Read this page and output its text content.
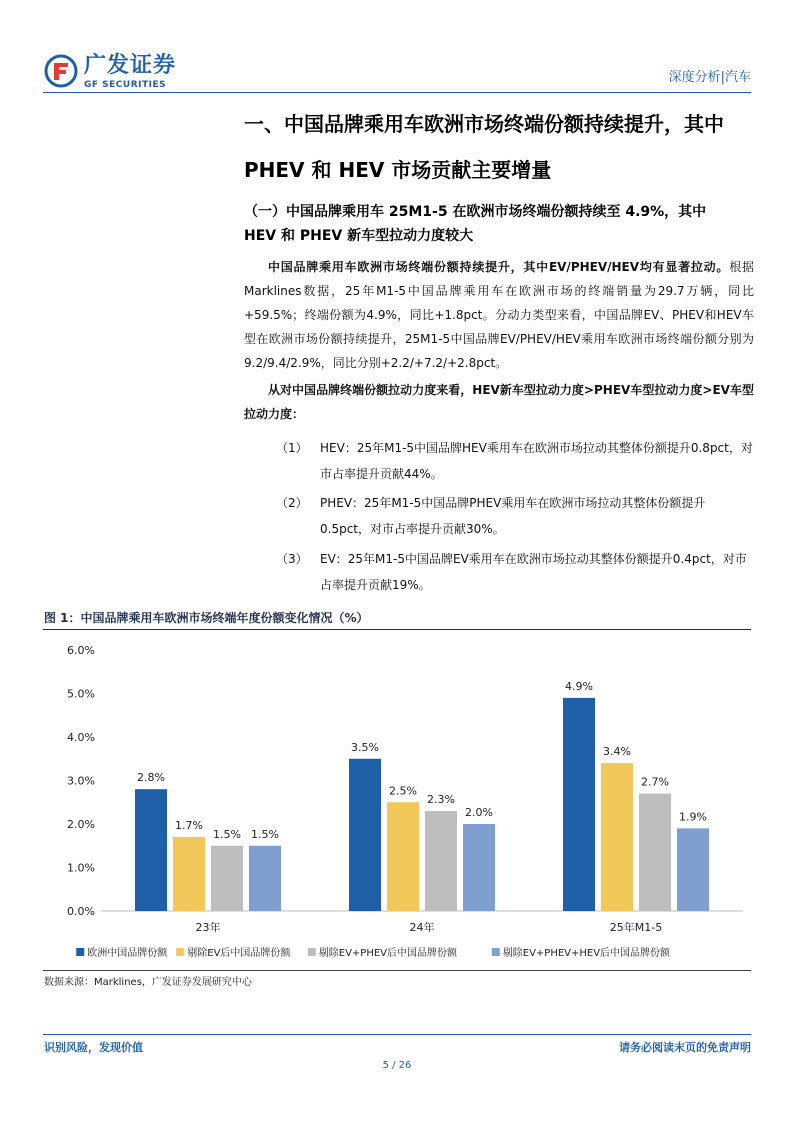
广发证券
GF SECURITIES	深度分析|汽车
一、中国品牌乘用车欧洲市场终端份额持续提升，其中
PHEV 和 HEV 市场贡献主要增量
（一）中国品牌乘用车 25M1-5 在欧洲市场终端份额持续至 4.9%，其中
HEV 和 PHEV 新车型拉动力度较大
中国品牌乘用车欧洲市场终端份额持续提升，其中EV/PHEV/HEV均有显著拉动。根据Marklines数据，25年M1-5中国品牌乘用车在欧洲市场的终端销量为29.7万辆，同比+59.5%；终端份额为4.9%，同比+1.8pct。分动力类型来看，中国品牌EV、PHEV和HEV车型在欧洲市场份额持续提升，25M1-5中国品牌EV/PHEV/HEV乘用车欧洲市场终端份额分别为9.2/9.4/2.9%，同比分别+2.2/+7.2/+2.8pct。
从对中国品牌终端份额拉动力度来看，HEV新车型拉动力度>PHEV车型拉动力度>EV车型拉动力度：
（1） HEV：25年M1-5中国品牌HEV乘用车在欧洲市场拉动其整体份额提升0.8pct，对市占率提升贡献44%。
（2） PHEV：25年M1-5中国品牌PHEV乘用车在欧洲市场拉动其整体份额提升0.5pct，对市占率提升贡献30%。
（3） EV：25年M1-5中国品牌EV乘用车在欧洲市场拉动其整体份额提升0.4pct，对市占率提升贡献19%。
图 1：中国品牌乘用车欧洲市场终端年度份额变化情况（%）
0.0%
1.0%
2.0%
3.0%
4.0%
5.0%
6.0%
23年	24年	25年M1-5
2.8%
1.7%
1.5% 1.5%
3.5%
2.5%
2.3%
2.0%
4.9%
3.4%
2.7%
1.9%
欧洲中国品牌份额 剔除EV后中国品牌份额	剔除EV+PHEV后中国品牌份额	剔除EV+PHEV+HEV后中国品牌份额
数据来源：Marklines，广发证券发展研究中心
识别风险，发现价值	请务必阅读末页的免责声明
5 / 26
